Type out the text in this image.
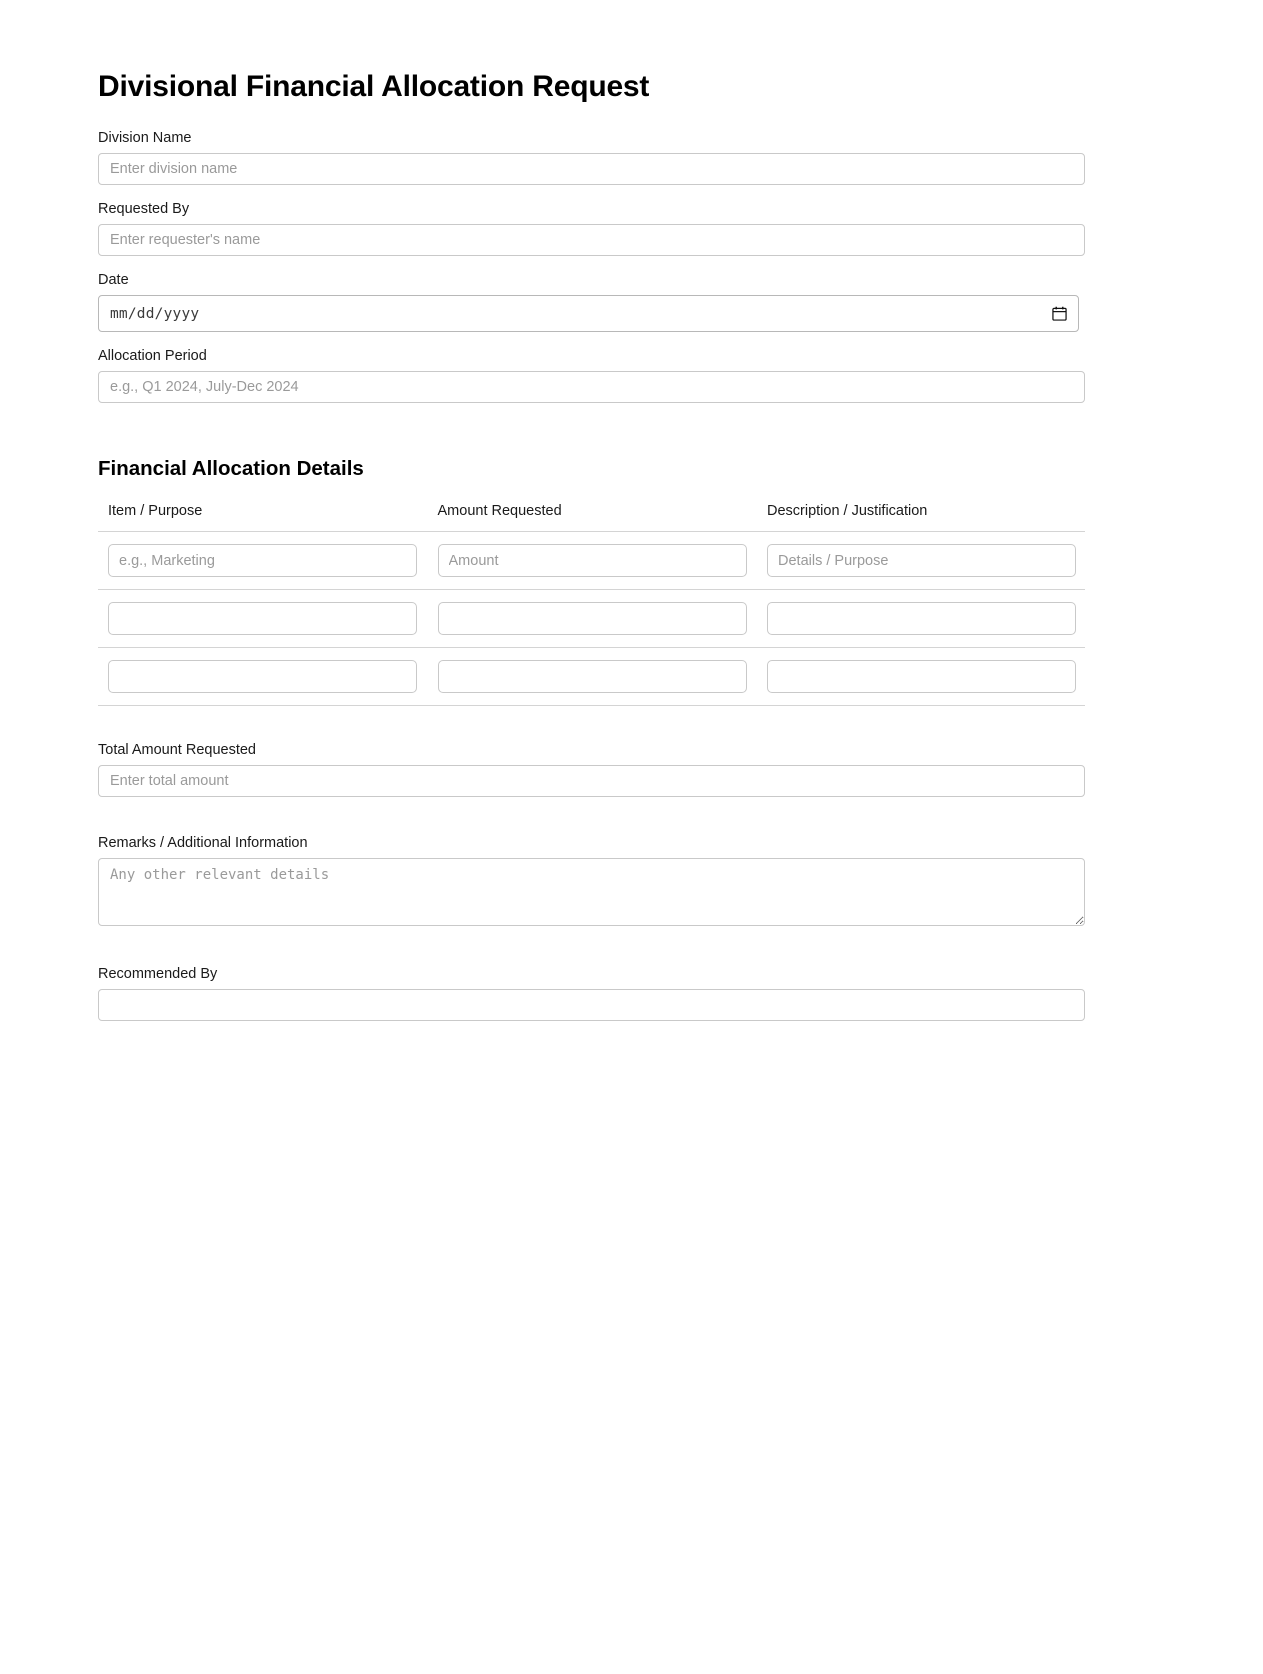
Divisional Financial Allocation Request
Division Name
Enter division name
Requested By
Enter requester's name
Date
mm/dd/yyyy
Allocation Period
e.g., Q1 2024, July-Dec 2024
Financial Allocation Details
Item / Purpose	Amount Requested	Description / Justification
e.g., Marketing	Amount	Details / Purpose

Total Amount Requested
Enter total amount
Remarks / Additional Information
Any other relevant details
Recommended By
